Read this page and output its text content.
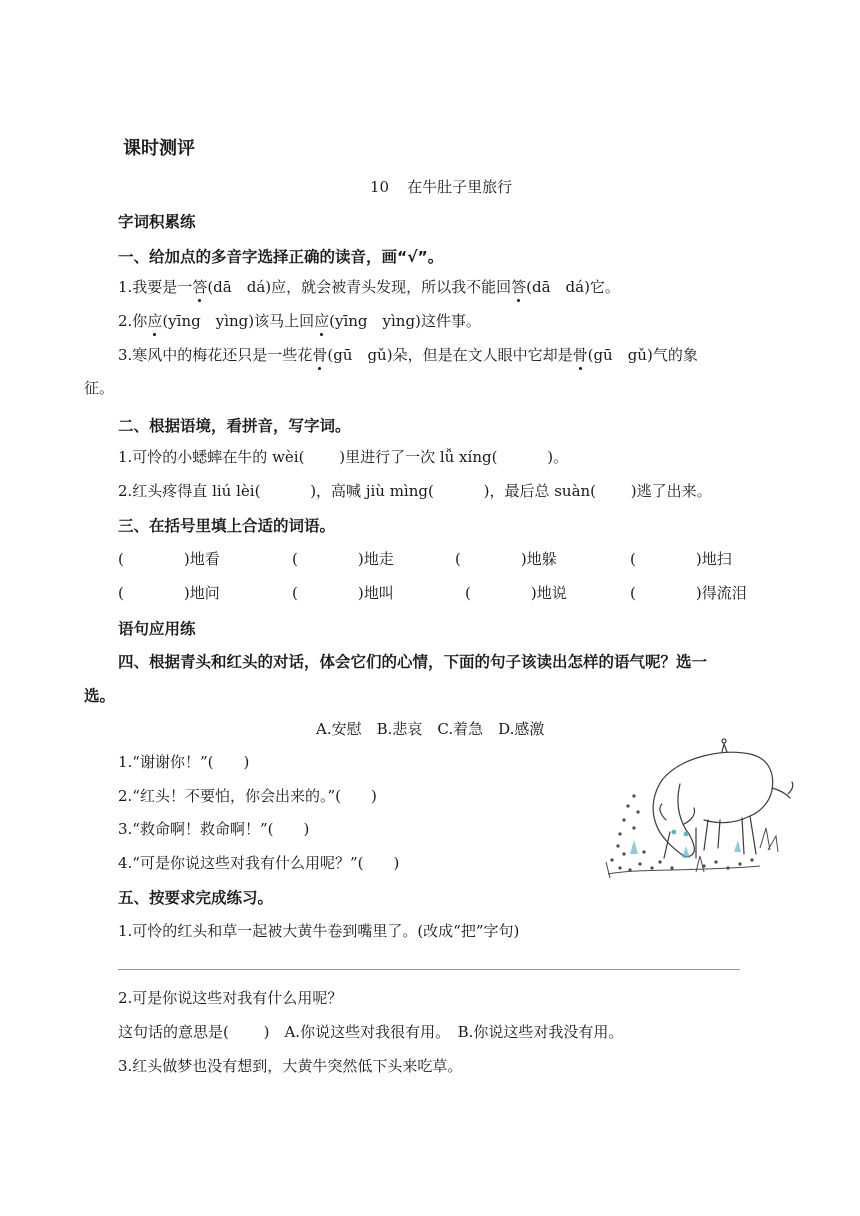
课时测评
10 在牛肚子里旅行
字词积累练
一、给加点的多音字选择正确的读音，画“√”。
1.我要是一答(dā　dá)应，就会被青头发现，所以我不能回答(dā　dá)它。
2.你应(yīng　yìng)该马上回应(yīng　yìng)这件事。
3.寒风中的梅花还只是一些花骨(gū　gǔ)朵，但是在文人眼中它却是骨(gū　gǔ)气的象
征。
二、根据语境，看拼音，写字词。
1.可怜的小蟋蟀在牛的 wèi(　　 )里进行了一次 lǚ xíng(　　　 )。
2.红头疼得直 liú lèi(　　　 )，高喊 jiù mìng(　　　 )，最后总 suàn(　　 )逃了出来。
三、在括号里填上合适的词语。
(　　　　)地看	(　　　　)地走	(　　　　)地躲	(　　　　)地扫
(　　　　)地问	(　　　　)地叫	(　　　　)地说	(　　　　)得流泪
语句应用练
四、根据青头和红头的对话，体会它们的心情，下面的句子该读出怎样的语气呢？选一
选。
A.安慰　B.悲哀　C.着急　D.感激
1.“谢谢你！”(　　)
2.“红头！不要怕，你会出来的。”(　　)
3.“救命啊！救命啊！”(　　)
4.“可是你说这些对我有什么用呢？”(　　)
五、按要求完成练习。
1.可怜的红头和草一起被大黄牛卷到嘴里了。(改成“把”字句)
2.可是你说这些对我有什么用呢？
这句话的意思是(　　 )　A.你说这些对我很有用。　B.你说这些对我没有用。
3.红头做梦也没有想到，大黄牛突然低下头来吃草。
